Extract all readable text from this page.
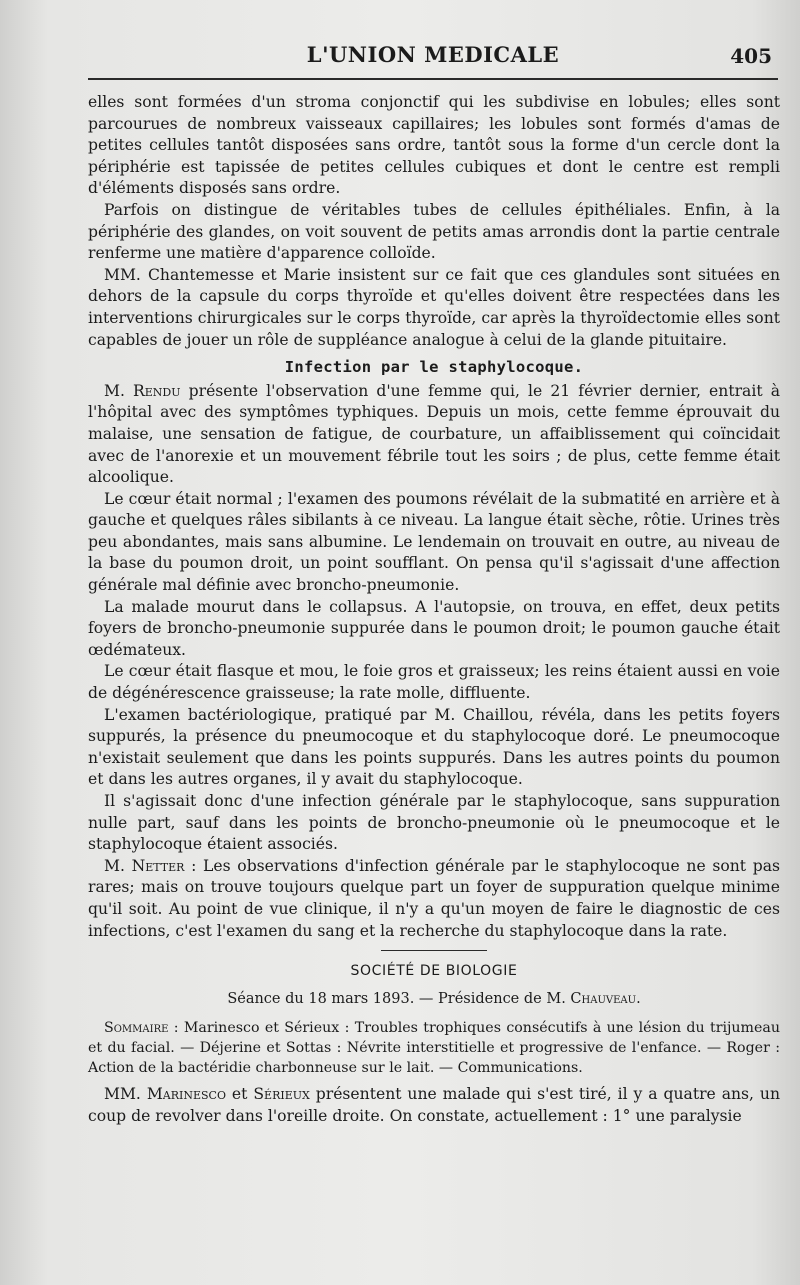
L'UNION MEDICALE	405

elles sont formées d'un stroma conjonctif qui les subdivise en lobules; elles sont parcourues de nombreux vaisseaux capillaires; les lobules sont formés d'amas de petites cellules tantôt disposées sans ordre, tantôt sous la forme d'un cercle dont la périphérie est tapissée de petites cellules cubiques et dont le centre est rempli d'éléments disposés sans ordre.

Parfois on distingue de véritables tubes de cellules épithéliales. Enfin, à la périphérie des glandes, on voit souvent de petits amas arrondis dont la partie centrale renferme une matière d'apparence colloïde.

MM. Chantemesse et Marie insistent sur ce fait que ces glandules sont situées en dehors de la capsule du corps thyroïde et qu'elles doivent être respectées dans les interventions chirurgicales sur le corps thyroïde, car après la thyroïdectomie elles sont capables de jouer un rôle de suppléance analogue à celui de la glande pituitaire.

Infection par le staphylocoque.

M. Rendu présente l'observation d'une femme qui, le 21 février dernier, entrait à l'hôpital avec des symptômes typhiques. Depuis un mois, cette femme éprouvait du malaise, une sensation de fatigue, de courbature, un affaiblissement qui coïncidait avec de l'anorexie et un mouvement fébrile tout les soirs ; de plus, cette femme était alcoolique.

Le cœur était normal ; l'examen des poumons révélait de la submatité en arrière et à gauche et quelques râles sibilants à ce niveau. La langue était sèche, rôtie. Urines très peu abondantes, mais sans albumine. Le lendemain on trouvait en outre, au niveau de la base du poumon droit, un point soufflant. On pensa qu'il s'agissait d'une affection générale mal définie avec broncho-pneumonie.

La malade mourut dans le collapsus. A l'autopsie, on trouva, en effet, deux petits foyers de broncho-pneumonie suppurée dans le poumon droit; le poumon gauche était œdémateux.

Le cœur était flasque et mou, le foie gros et graisseux; les reins étaient aussi en voie de dégénérescence graisseuse; la rate molle, diffluente.

L'examen bactériologique, pratiqué par M. Chaillou, révéla, dans les petits foyers suppurés, la présence du pneumocoque et du staphylocoque doré. Le pneumocoque n'existait seulement que dans les points suppurés. Dans les autres points du poumon et dans les autres organes, il y avait du staphylocoque.

Il s'agissait donc d'une infection générale par le staphylocoque, sans suppuration nulle part, sauf dans les points de broncho-pneumonie où le pneumocoque et le staphylocoque étaient associés.

M. Netter : Les observations d'infection générale par le staphylocoque ne sont pas rares; mais on trouve toujours quelque part un foyer de suppuration quelque minime qu'il soit. Au point de vue clinique, il n'y a qu'un moyen de faire le diagnostic de ces infections, c'est l'examen du sang et la recherche du staphylocoque dans la rate.

SOCIÉTÉ DE BIOLOGIE
Séance du 18 mars 1893. — Présidence de M. Chauveau.

Sommaire : Marinesco et Sérieux : Troubles trophiques consécutifs à une lésion du trijumeau et du facial. — Déjerine et Sottas : Névrite interstitielle et progressive de l'enfance. — Roger : Action de la bactéridie charbonneuse sur le lait. — Communications.

MM. Marinesco et Sérieux présentent une malade qui s'est tiré, il y a quatre ans, un coup de revolver dans l'oreille droite. On constate, actuellement : 1° une paralysie
